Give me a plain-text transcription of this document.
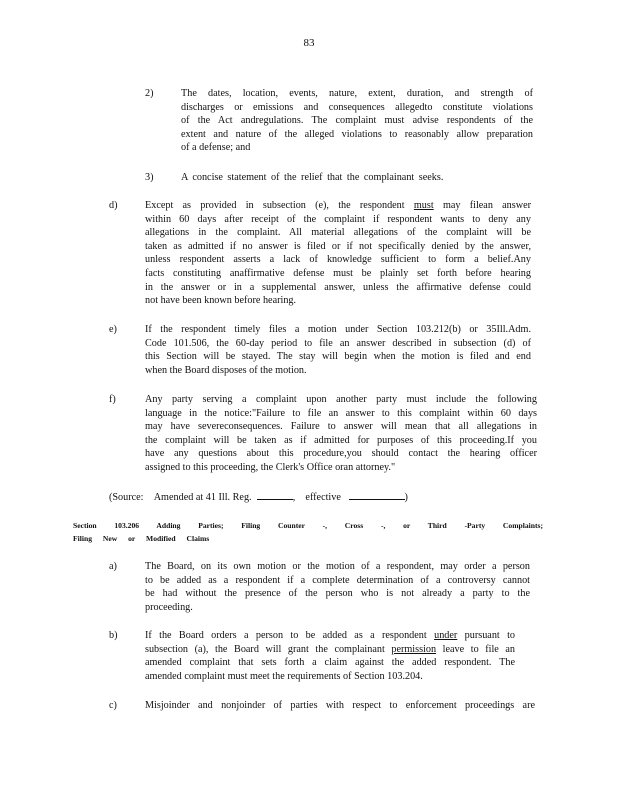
83
2)	The dates, location, events, nature, extent, duration, and strength of
discharges or emissions and consequences allegedto constitute violations
of the Act andregulations. The complaint must advise respondents of the
extent and nature of the alleged violations to reasonably allow preparation
of a defense; and
3)	A concise statement of the relief that the complainant seeks.
d)	Except as provided in subsection (e), the respondent must may filean answer
within 60 days after receipt of the complaint if respondent wants to deny any
allegations in the complaint. All material allegations of the complaint will be
taken as admitted if no answer is filed or if not specifically denied by the answer,
unless respondent asserts a lack of knowledge sufficient to form a belief.Any
facts constituting anaffirmative defense must be plainly set forth before hearing
in the answer or in a supplemental answer, unless the affirmative defense could
not have been known before hearing.
e)	If the respondent timely files a motion under Section 103.212(b) or 35Ill.Adm.
Code 101.506, the 60-day period to file an answer described in subsection (d) of
this Section will be stayed. The stay will begin when the motion is filed and end
when the Board disposes of the motion.
f)	Any party serving a complaint upon another party must include the following
language in the notice:"Failure to file an answer to this complaint within 60 days
may have severeconsequences. Failure to answer will mean that all allegations in
the complaint will be taken as if admitted for purposes of this proceeding.If you
have any questions about this procedure,you should contact the hearing officer
assigned to this proceeding, the Clerk's Office oran attorney."
(Source: Amended at 41 Ill. Reg.	, effective	)
Section 103.206 Adding Parties; Filing Counter -, Cross -, or Third -Party Complaints;
Filing New or Modified Claims
a)	The Board, on its own motion or the motion of a respondent, may order a person
to be added as a respondent if a complete determination of a controversy cannot
be had without the presence of the person who is not already a party to the
proceeding.
b)	If the Board orders a person to be added as a respondent under pursuant to
subsection (a), the Board will grant the complainant permission leave to file an
amended complaint that sets forth a claim against the added respondent. The
amended complaint must meet the requirements of Section 103.204.
c)	Misjoinder and nonjoinder of parties with respect to enforcement proceedings are
